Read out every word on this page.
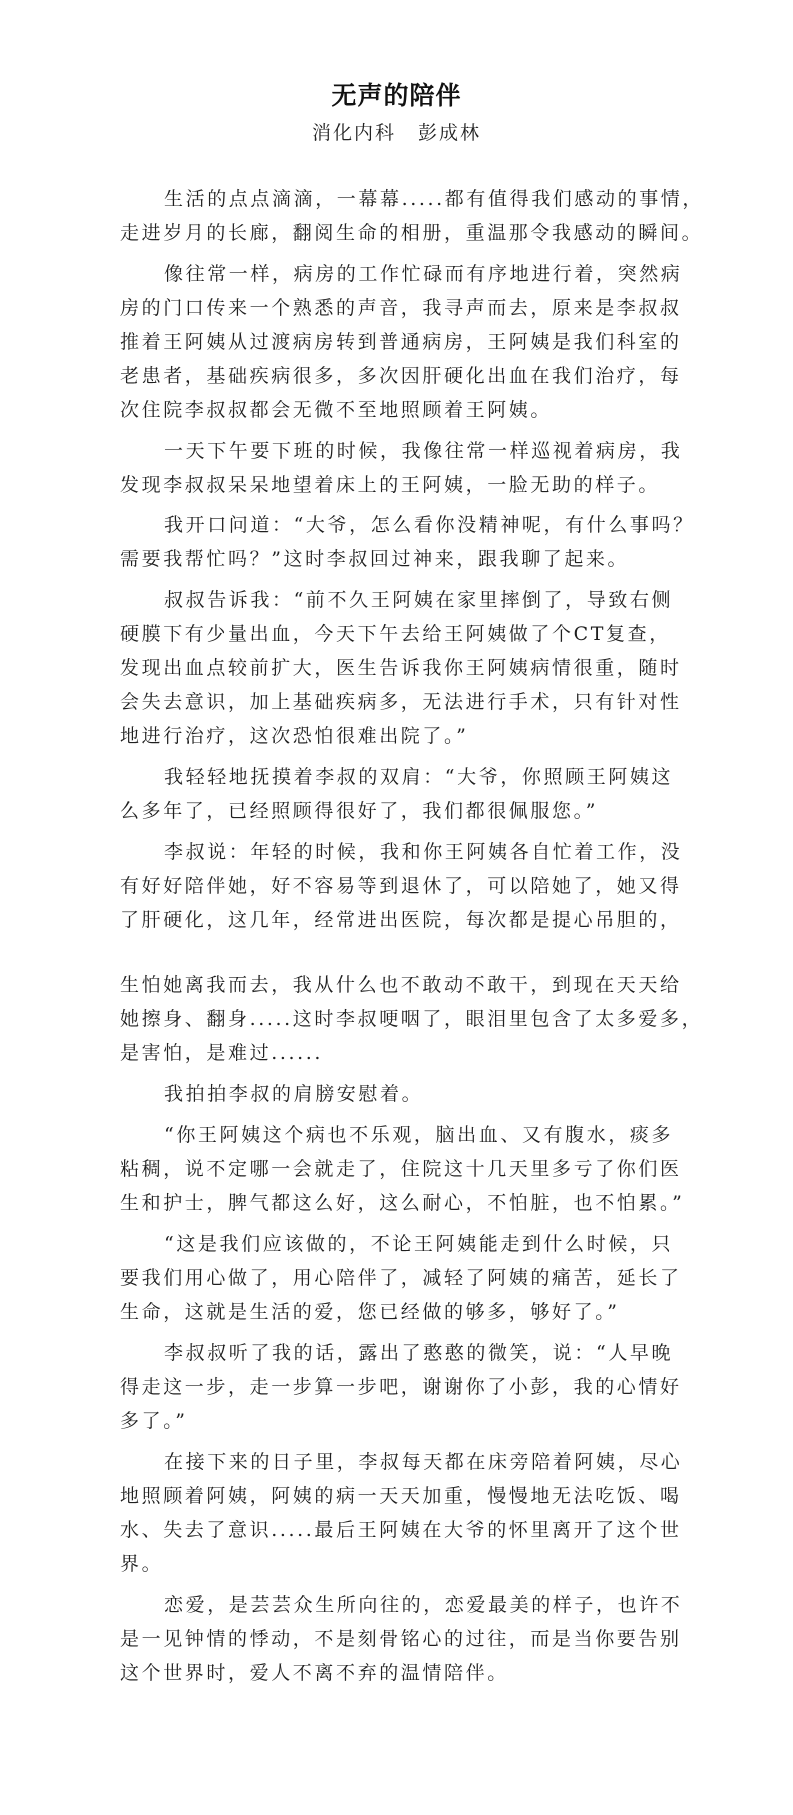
无声的陪伴
消化内科 彭成林
生活的点点滴滴，一幕幕.....都有值得我们感动的事情，
走进岁月的长廊，翻阅生命的相册，重温那令我感动的瞬间。
像往常一样，病房的工作忙碌而有序地进行着，突然病
房的门口传来一个熟悉的声音，我寻声而去，原来是李叔叔
推着王阿姨从过渡病房转到普通病房，王阿姨是我们科室的
老患者，基础疾病很多，多次因肝硬化出血在我们治疗，每
次住院李叔叔都会无微不至地照顾着王阿姨。
一天下午要下班的时候，我像往常一样巡视着病房，我
发现李叔叔呆呆地望着床上的王阿姨，一脸无助的样子。
我开口问道：“大爷，怎么看你没精神呢，有什么事吗？
需要我帮忙吗？”这时李叔回过神来，跟我聊了起来。
叔叔告诉我：“前不久王阿姨在家里摔倒了，导致右侧
硬膜下有少量出血，今天下午去给王阿姨做了个CT复查，
发现出血点较前扩大，医生告诉我你王阿姨病情很重，随时
会失去意识，加上基础疾病多，无法进行手术，只有针对性
地进行治疗，这次恐怕很难出院了。”
我轻轻地抚摸着李叔的双肩：“大爷，你照顾王阿姨这
么多年了，已经照顾得很好了，我们都很佩服您。”
李叔说：年轻的时候，我和你王阿姨各自忙着工作，没
有好好陪伴她，好不容易等到退休了，可以陪她了，她又得
了肝硬化，这几年，经常进出医院，每次都是提心吊胆的，
生怕她离我而去，我从什么也不敢动不敢干，到现在天天给
她擦身、翻身.....这时李叔哽咽了，眼泪里包含了太多爱多，
是害怕，是难过......
我拍拍李叔的肩膀安慰着。
“你王阿姨这个病也不乐观，脑出血、又有腹水，痰多
粘稠，说不定哪一会就走了，住院这十几天里多亏了你们医
生和护士，脾气都这么好，这么耐心，不怕脏，也不怕累。”
“这是我们应该做的，不论王阿姨能走到什么时候，只
要我们用心做了，用心陪伴了，减轻了阿姨的痛苦，延长了
生命，这就是生活的爱，您已经做的够多，够好了。”
李叔叔听了我的话，露出了憨憨的微笑，说：“人早晚
得走这一步，走一步算一步吧，谢谢你了小彭，我的心情好
多了。”
在接下来的日子里，李叔每天都在床旁陪着阿姨，尽心
地照顾着阿姨，阿姨的病一天天加重，慢慢地无法吃饭、喝
水、失去了意识.....最后王阿姨在大爷的怀里离开了这个世
界。
恋爱，是芸芸众生所向往的，恋爱最美的样子，也许不
是一见钟情的悸动，不是刻骨铭心的过往，而是当你要告别
这个世界时，爱人不离不弃的温情陪伴。
